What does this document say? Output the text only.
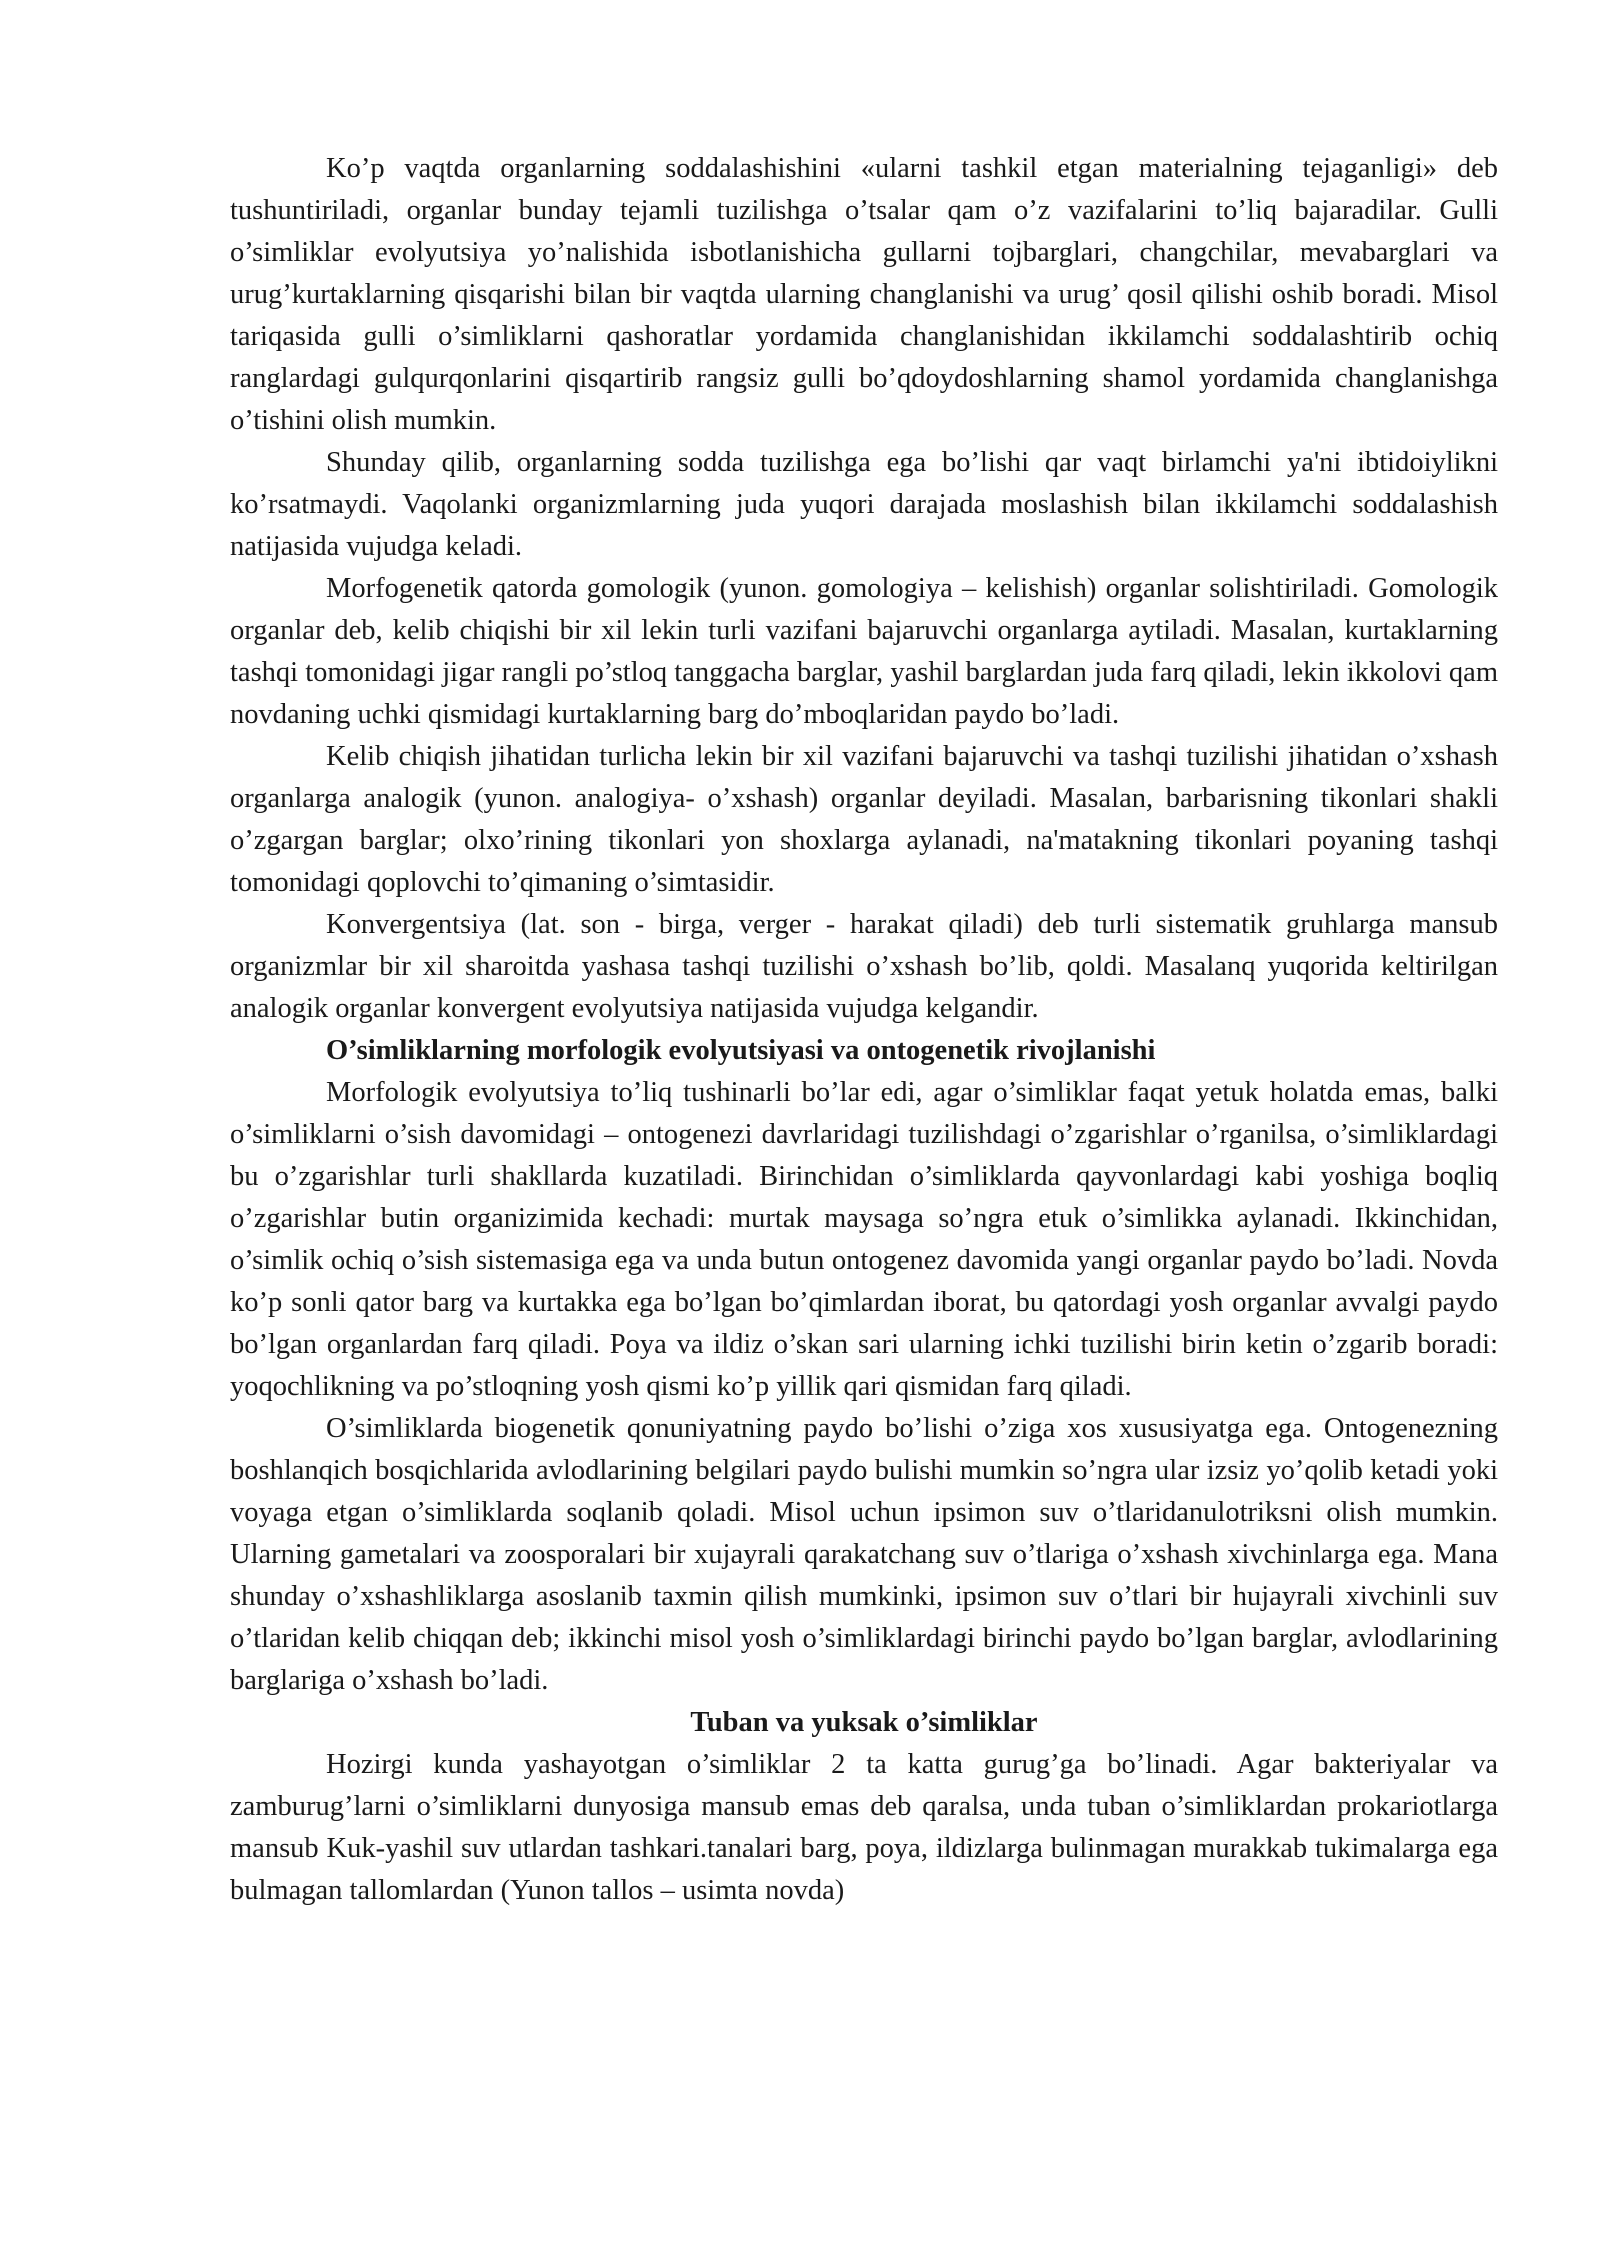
Ko’p vaqtda organlarning soddalashishini «ularni tashkil etgan materialning tejaganligi» deb tushuntiriladi, organlar bunday tejamli tuzilishga o’tsalar qam o’z vazifalarini to’liq bajaradilar. Gulli o’simliklar evolyutsiya yo’nalishida isbotlanishicha gullarni tojbarglari, changchilar, mevabarglari va urug’kurtaklarning qisqarishi bilan bir vaqtda ularning changlanishi va urug’ qosil qilishi oshib boradi. Misol tariqasida gulli o’simliklarni qashoratlar yordamida changlanishidan ikkilamchi soddalashtirib ochiq ranglardagi gulqurqonlarini qisqartirib rangsiz gulli bo’qdoydoshlarning shamol yordamida changlanishga o’tishini olish mumkin.

Shunday qilib, organlarning sodda tuzilishga ega bo’lishi qar vaqt birlamchi ya'ni ibtidoiylikni ko’rsatmaydi. Vaqolanki organizmlarning juda yuqori darajada moslashish bilan ikkilamchi soddalashish natijasida vujudga keladi.

Morfogenetik qatorda gomologik (yunon. gomologiya – kelishish) organlar solishtiriladi. Gomologik organlar deb, kelib chiqishi bir xil lekin turli vazifani bajaruvchi organlarga aytiladi. Masalan, kurtaklarning tashqi tomonidagi jigar rangli po’stloq tanggacha barglar, yashil barglardan juda farq qiladi, lekin ikkolovi qam novdaning uchki qismidagi kurtaklarning barg do’mboqlaridan paydo bo’ladi.

Kelib chiqish jihatidan turlicha lekin bir xil vazifani bajaruvchi va tashqi tuzilishi jihatidan o’xshash organlarga analogik (yunon. analogiya- o’xshash) organlar deyiladi. Masalan, barbarisning tikonlari shakli o’zgargan barglar; olxo’rining tikonlari yon shoxlarga aylanadi, na'matakning tikonlari poyaning tashqi tomonidagi qoplovchi to’qimaning o’simtasidir.

Konvergentsiya (lat. son - birga, verger - harakat qiladi) deb turli sistematik gruhlarga mansub organizmlar bir xil sharoitda yashasa tashqi tuzilishi o’xshash bo’lib, qoldi. Masalanq yuqorida keltirilgan analogik organlar konvergent evolyutsiya natijasida vujudga kelgandir.

O’simliklarning morfologik evolyutsiyasi va ontogenetik rivojlanishi

Morfologik evolyutsiya to’liq tushinarli bo’lar edi, agar o’simliklar faqat yetuk holatda emas, balki o’simliklarni o’sish davomidagi – ontogenezi davrlaridagi tuzilishdagi o’zgarishlar o’rganilsa, o’simliklardagi bu o’zgarishlar turli shakllarda kuzatiladi. Birinchidan o’simliklarda qayvonlardagi kabi yoshiga boqliq o’zgarishlar butin organizimida kechadi: murtak maysaga so’ngra etuk o’simlikka aylanadi. Ikkinchidan, o’simlik ochiq o’sish sistemasiga ega va unda butun ontogenez davomida yangi organlar paydo bo’ladi. Novda ko’p sonli qator barg va kurtakka ega bo’lgan bo’qimlardan iborat, bu qatordagi yosh organlar avvalgi paydo bo’lgan organlardan farq qiladi. Poya va ildiz o’skan sari ularning ichki tuzilishi birin ketin o’zgarib boradi: yoqochlikning va po’stloqning yosh qismi ko’p yillik qari qismidan farq qiladi.

O’simliklarda biogenetik qonuniyatning paydo bo’lishi o’ziga xos xususiyatga ega. Ontogenezning boshlanqich bosqichlarida avlodlarining belgilari paydo bulishi mumkin so’ngra ular izsiz yo’qolib ketadi yoki voyaga etgan o’simliklarda soqlanib qoladi. Misol uchun ipsimon suv o’tlaridanulotriksni olish mumkin. Ularning gametalari va zoosporalari bir xujayrali qarakatchang suv o’tlariga o’xshash xivchinlarga ega. Mana shunday o’xshashliklarga asoslanib taxmin qilish mumkinki, ipsimon suv o’tlari bir hujayrali xivchinli suv o’tlaridan kelib chiqqan deb; ikkinchi misol yosh o’simliklardagi birinchi paydo bo’lgan barglar, avlodlarining barglariga o’xshash bo’ladi.

Tuban va yuksak o’simliklar

Hozirgi kunda yashayotgan o’simliklar 2 ta katta gurug’ga bo’linadi. Agar bakteriyalar va zamburug’larni o’simliklarni dunyosiga mansub emas deb qaralsa, unda tuban o’simliklardan prokariotlarga mansub Kuk-yashil suv utlardan tashkari.tanalari barg, poya, ildizlarga bulinmagan murakkab tukimalarga ega bulmagan tallomlardan (Yunon tallos – usimta novda)
